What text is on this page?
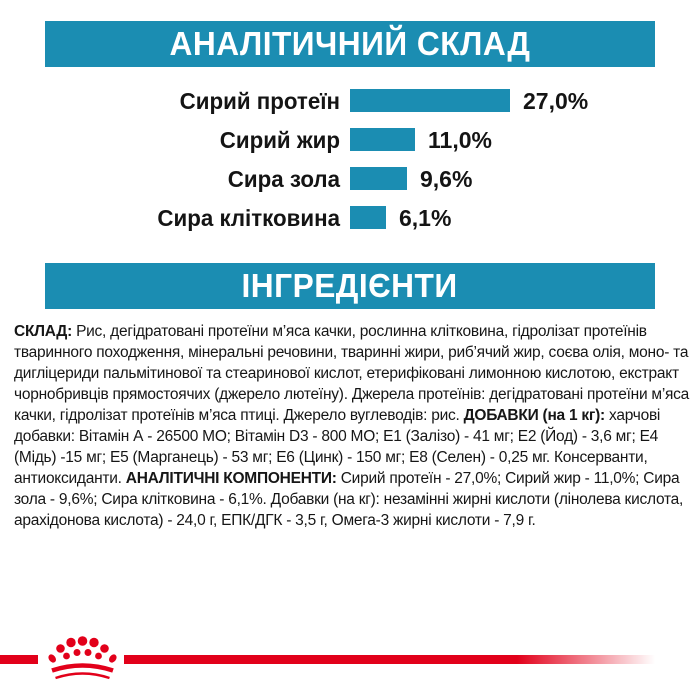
АНАЛІТИЧНИЙ СКЛАД
Сирий протеїн	27,0%
Сирий жир	11,0%
Сира зола	9,6%
Сира клітковина	6,1%
ІНГРЕДІЄНТИ

СКЛАД: Рис, дегідратовані протеїни м’яса качки, рослинна клітковина, гідролізат протеїнів тваринного походження, мінеральні речовини, тваринні жири, риб’ячий жир, соєва олія, моно- та дигліцериди пальмітинової та стеаринової кислот, етерифіковані лимонною кислотою, екстракт чорнобривців прямостоячих (джерело лютеїну). Джерела протеїнів: дегідратовані протеїни м’яса качки, гідролізат протеїнів м’яса птиці. Джерело вуглеводів: рис. ДОБАВКИ (на 1 кг): харчові добавки: Вітамін А - 26500 МО; Вітамін D3 - 800 МО; Е1 (Залізо) - 41 мг; Е2 (Йод) - 3,6 мг; Е4 (Мідь) -15 мг; Е5 (Марганець) - 53 мг; Е6 (Цинк) - 150 мг; Е8 (Селен) - 0,25 мг. Консерванти, антиоксиданти. АНАЛІТИЧНІ КОМПОНЕНТИ: Сирий протеїн - 27,0%; Сирий жир - 11,0%; Сира зола - 9,6%; Сира клітковина - 6,1%. Добавки (на кг): незамінні жирні кислоти (лінолева кислота, арахідонова кислота) - 24,0 г, ЕПК/ДГК - 3,5 г, Омега-3 жирні кислоти - 7,9 г.
